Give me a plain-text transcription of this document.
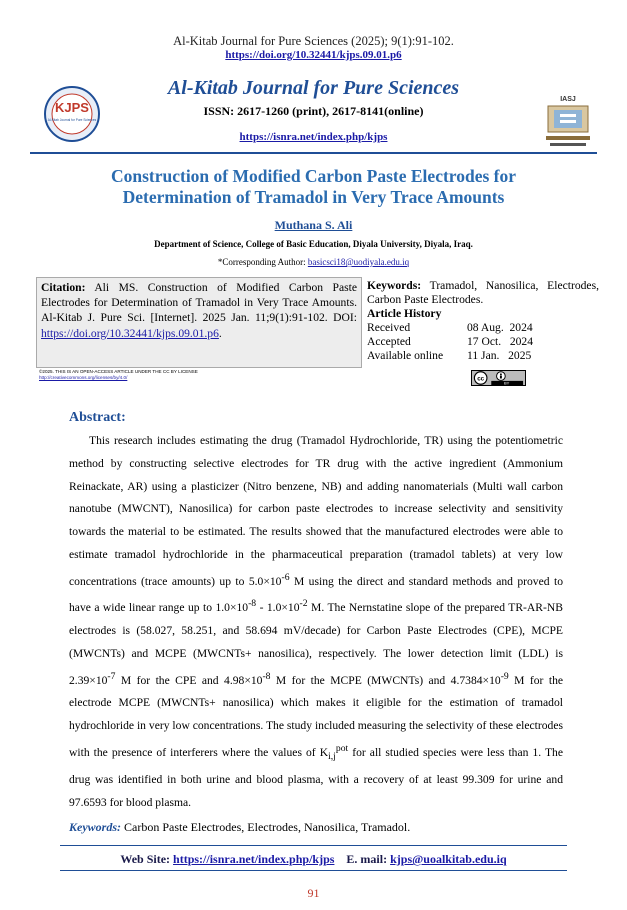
Al-Kitab Journal for Pure Sciences (2025); 9(1):91-102.
https://doi.org/10.32441/kjps.09.01.p6
KJPS
Al-Kitab Journal for Pure Sciences
Al-Kitab Journal for Pure Sciences
ISSN: 2617-1260 (print), 2617-8141(online)
https://isnra.net/index.php/kjps
IASJ
Construction of Modified Carbon Paste Electrodes for
Determination of Tramadol in Very Trace Amounts
Muthana S. Ali
Department of Science, College of Basic Education, Diyala University, Diyala, Iraq.
*Corresponding Author: basicsci18@uodiyala.edu.iq
Citation: Ali MS. Construction of Modified Carbon Paste Electrodes for Determination of Tramadol in Very Trace Amounts. Al-Kitab J. Pure Sci. [Internet]. 2025 Jan. 11;9(1):91-102. DOI: https://doi.org/10.32441/kjps.09.01.p6.
Keywords: Tramadol, Nanosilica, Electrodes, Carbon Paste Electrodes.
Article History
Received	08 Aug.  2024
Accepted	17 Oct.   2024
Available online	11 Jan.   2025
©2025. THIS IS AN OPEN-ACCESS ARTICLE UNDER THE CC BY LICENSE
http://creativecommons.org/licenses/by/4.0/	cc
BY
Abstract:
This research includes estimating the drug (Tramadol Hydrochloride, TR) using the potentiometric method by constructing selective electrodes for TR drug with the active ingredient (Ammonium Reinackate, AR) using a plasticizer (Nitro benzene, NB) and adding nanomaterials (Multi wall carbon nanotube (MWCNT), Nanosilica) for carbon paste electrodes to increase selectivity and sensitivity towards the material to be estimated. The results showed that the manufactured electrodes were able to estimate tramadol hydrochloride in the pharmaceutical preparation (tramadol tablets) at very low concentrations (trace amounts) up to $5.0\times 10^{-6}$ M using the direct and standard methods and proved to have a wide linear range up to $1.0\times 10^{-8} - 1.0\times 10^{-2}$ M. The Nernstatine slope of the prepared TR-AR-NB electrodes is (58.027, 58.251, and 58.694 mV/decade) for Carbon Paste Electrodes (CPE), MCPE (MWCNTs) and MCPE (MWCNTs+ nanosilica), respectively. The lower detection limit (LDL) is $2.39\times 10^{-7}$ M for the CPE and $4.98\times 10^{-8}$ M for the MCPE (MWCNTs) and $4.7384\times 10^{-9}$ M for the electrode MCPE (MWCNTs+ nanosilica) which makes it eligible for the estimation of tramadol hydrochloride in very low concentrations. The study included measuring the selectivity of these electrodes with the presence of interferers where the values of $K_{i,j}^{pot}$ for all studied species were less than 1. The drug was identified in both urine and blood plasma, with a recovery of at least 99.309 for urine and 97.6593 for blood plasma.
Keywords: Carbon Paste Electrodes, Electrodes, Nanosilica, Tramadol.
Web Site: https://isnra.net/index.php/kjps E. mail: kjps@uoalkitab.edu.iq
91
